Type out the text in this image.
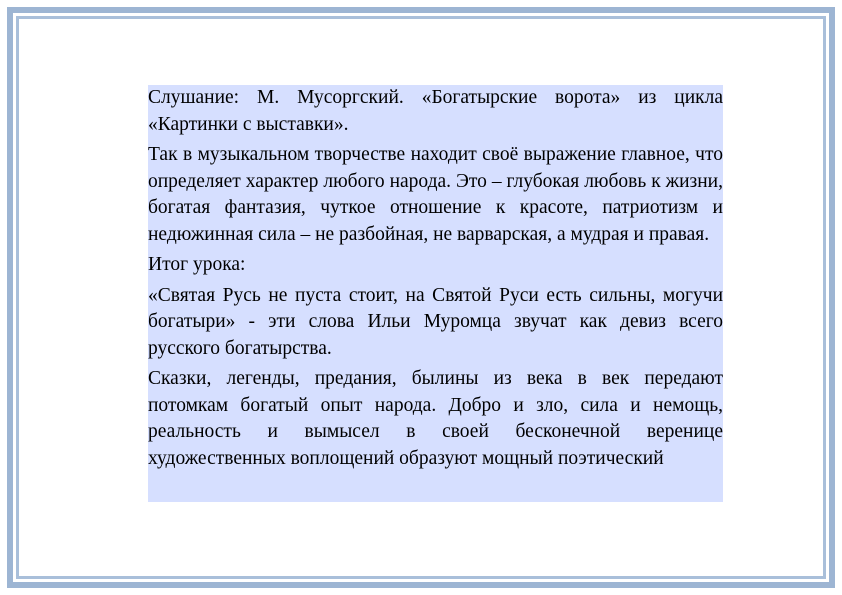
Слушание: М. Мусоргский. «Богатырские ворота» из цикла «Картинки с выставки».

Так в музыкальном творчестве находит своё выражение главное, что определяет характер любого народа. Это – глубокая любовь к жизни, богатая фантазия, чуткое отношение к красоте, патриотизм и недюжинная сила – не разбойная, не варварская, а мудрая и правая.

Итог урока:

«Святая Русь не пуста стоит, на Святой Руси есть сильны, могучи богатыри» - эти слова Ильи Муромца звучат как девиз всего русского богатырства.

Сказки, легенды, предания, былины из века в век передают потомкам богатый опыт народа. Добро и зло, сила и немощь, реальность и вымысел в своей бесконечной веренице художественных воплощений образуют мощный поэтический
